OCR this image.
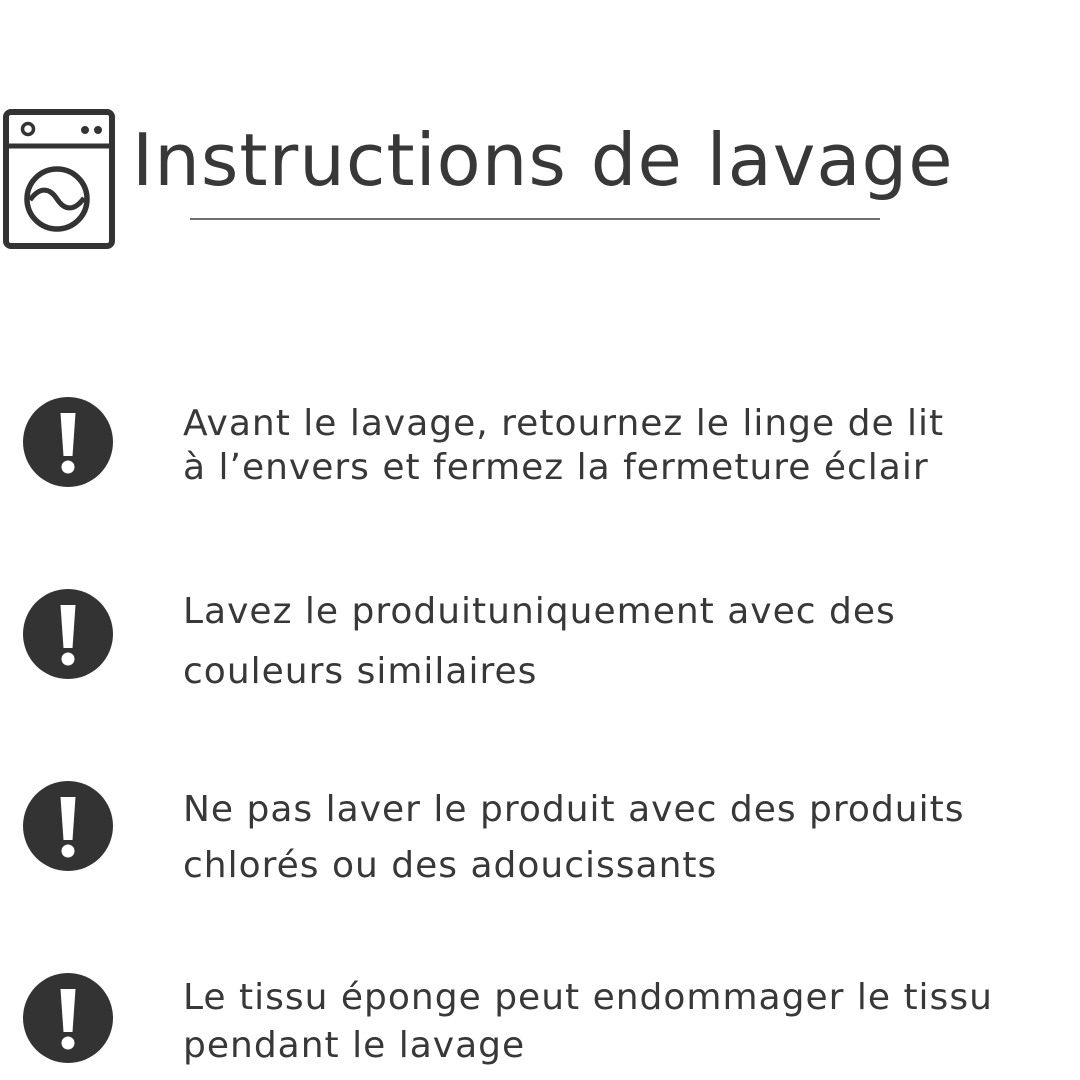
Instructions de lavage

Avant le lavage, retournez le linge de lit
à l’envers et fermez la fermeture éclair

Lavez le produituniquement avec des
couleurs similaires

Ne pas laver le produit avec des produits
chlorés ou des adoucissants

Le tissu éponge peut endommager le tissu
pendant le lavage
